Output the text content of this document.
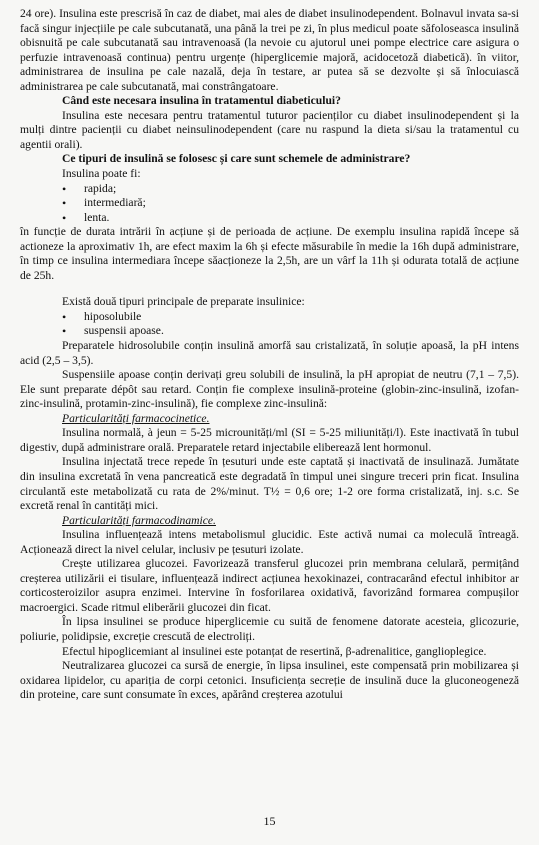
24 ore). Insulina este prescrisă în caz de diabet, mai ales de diabet insulinodependent. Bolnavul invata sa-si facă singur injecțiile pe cale subcutanată, una până la trei pe zi, în plus medicul poate săfoloseasca insulină obisnuită pe cale subcutanată sau intravenoasă (la nevoie cu ajutorul unei pompe electrice care asigura o perfuzie intravenoasă continua) pentru urgențe (hiperglicemie majoră, acidocetoză diabetică). în viitor, administrarea de insulina pe cale nazală, deja în testare, ar putea să se dezvolte și să înlocuiască administrarea pe cale subcutanată, mai constrângatoare.

Când este necesara insulina în tratamentul diabeticului?

Insulina este necesara pentru tratamentul tuturor pacienților cu diabet insulinodependent și la mulți dintre pacienții cu diabet neinsulinodependent (care nu raspund la dieta si/sau la tratamentul cu agentii orali).

Ce tipuri de insulină se folosesc și care sunt schemele de administrare?

Insulina poate fi:

• rapida;
• intermediară;
• lenta.

în funcție de durata intrării în acțiune și de perioada de acțiune. De exemplu insulina rapidă începe să actioneze la aproximativ 1h, are efect maxim la 6h și efecte măsurabile în medie la 16h după administrare, în timp ce insulina intermediara începe săacționeze la 2,5h, are un vârf la 11h și odurata totală de acțiune de 25h.

Există două tipuri principale de preparate insulinice:

• hiposolubile
• suspensii apoase.

Preparatele hidrosolubile conțin insulină amorfă sau cristalizată, în soluție apoasă, la pH intens acid (2,5 – 3,5).

Suspensiile apoase conțin derivați greu solubili de insulină, la pH apropiat de neutru (7,1 – 7,5). Ele sunt preparate dépôt sau retard. Conțin fie complexe insulină-proteine (globin-zinc-insulină, izofan-zinc-insulină, protamin-zinc-insulină), fie complexe zinc-insulină:

Particularități farmacocinetice.

Insulina normală, à jeun = 5-25 microunități/ml (SI = 5-25 miliunități/l). Este inactivată în tubul digestiv, după administrare orală. Preparatele retard injectabile eliberează lent hormonul.

Insulina injectată trece repede în țesuturi unde este captată și inactivată de insulinază. Jumătate din insulina excretată în vena pancreatică este degradată în timpul unei singure treceri prin ficat. Insulina circulantă este metabolizată cu rata de 2%/minut. T½ = 0,6 ore; 1-2 ore forma cristalizată, inj. s.c. Se excretă renal în cantități mici.

Particularități farmacodinamice.

Insulina influențează intens metabolismul glucidic. Este activă numai ca moleculă întreagă. Acționează direct la nivel celular, inclusiv pe țesuturi izolate.

Crește utilizarea glucozei. Favorizează transferul glucozei prin membrana celulară, permițând creșterea utilizării ei tisulare, influențează indirect acțiunea hexokinazei, contracarând efectul inhibitor ar corticosteroizilor asupra enzimei. Intervine în fosforilarea oxidativă, favorizând formarea compușilor macroergici. Scade ritmul eliberării glucozei din ficat.

În lipsa insulinei se produce hiperglicemie cu suită de fenomene datorate acesteia, glicozurie, poliurie, polidipsie, excreție crescută de electroliți.

Efectul hipoglicemiant al insulinei este potanțat de resertină, β-adrenalitice, ganglioplegice.

Neutralizarea glucozei ca sursă de energie, în lipsa insulinei, este compensată prin mobilizarea și oxidarea lipidelor, cu apariția de corpi cetonici. Insuficiența secreție de insulină duce la gluconeogeneză din proteine, care sunt consumate în exces, apărând creșterea azotului

15
